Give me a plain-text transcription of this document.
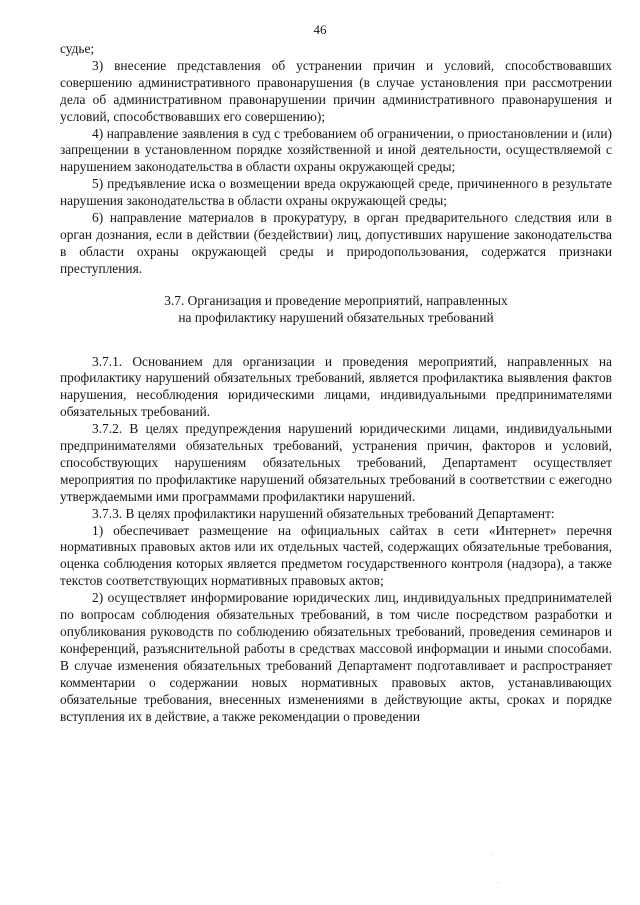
46

судье;

3) внесение представления об устранении причин и условий, способствовавших совершению административного правонарушения (в случае установления при рассмотрении дела об административном правонарушении причин административного правонарушения и условий, способствовавших его совершению);

4) направление заявления в суд с требованием об ограничении, о приостановлении и (или) запрещении в установленном порядке хозяйственной и иной деятельности, осуществляемой с нарушением законодательства в области охраны окружающей среды;

5) предъявление иска о возмещении вреда окружающей среде, причиненного в результате нарушения законодательства в области охраны окружающей среды;

6) направление материалов в прокуратуру, в орган предварительного следствия или в орган дознания, если в действии (бездействии) лиц, допустивших нарушение законодательства в области охраны окружающей среды и природопользования, содержатся признаки преступления.

3.7. Организация и проведение мероприятий, направленных
на профилактику нарушений обязательных требований

3.7.1. Основанием для организации и проведения мероприятий, направленных на профилактику нарушений обязательных требований, является профилактика выявления фактов нарушения, несоблюдения юридическими лицами, индивидуальными предпринимателями обязательных требований.

3.7.2. В целях предупреждения нарушений юридическими лицами, индивидуальными предпринимателями обязательных требований, устранения причин, факторов и условий, способствующих нарушениям обязательных требований, Департамент осуществляет мероприятия по профилактике нарушений обязательных требований в соответствии с ежегодно утверждаемыми ими программами профилактики нарушений.

3.7.3. В целях профилактики нарушений обязательных требований Департамент:

1) обеспечивает размещение на официальных сайтах в сети «Интернет» перечня нормативных правовых актов или их отдельных частей, содержащих обязательные требования, оценка соблюдения которых является предметом государственного контроля (надзора), а также текстов соответствующих нормативных правовых актов;

2) осуществляет информирование юридических лиц, индивидуальных предпринимателей по вопросам соблюдения обязательных требований, в том числе посредством разработки и опубликования руководств по соблюдению обязательных требований, проведения семинаров и конференций, разъяснительной работы в средствах массовой информации и иными способами. В случае изменения обязательных требований Департамент подготавливает и распространяет комментарии о содержании новых нормативных правовых актов, устанавливающих обязательные требования, внесенных изменениями в действующие акты, сроках и порядке вступления их в действие, а также рекомендации о проведении

·
·
